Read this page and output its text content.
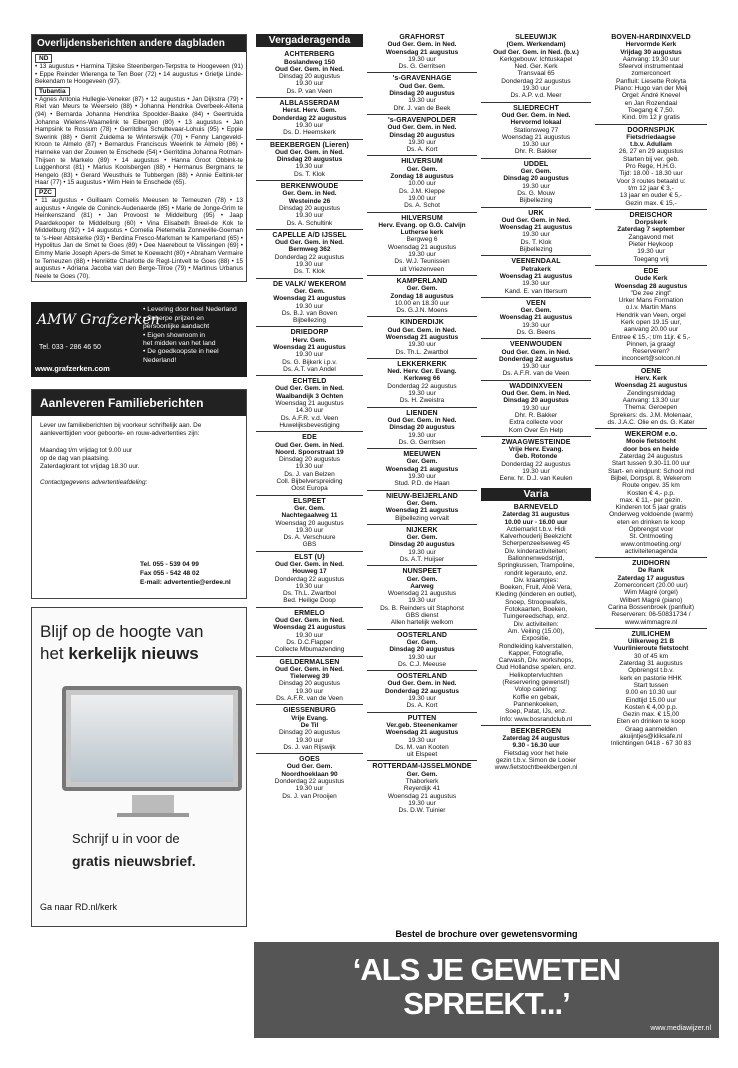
Overlijdensberichten andere dagbladen
ND
• 13 augustus • Harmina Tjitske Steenbergen-Terpstra te Hoogeveen (91) • Eppe Reinder Wierenga te Ten Boer (72) • 14 augustus • Grietje Linde-Bekendam te Hoogeveen (97).
Tubantia
• Agnes Antonia Hullegie-Veneker (87) • 12 augustus • Jan Dijkstra (79) • Riet van Meurs te Weerselo (88) • Johanna Hendrika Overbeek-Altena (94) • Bernarda Johanna Hendrika Spoolder-Baake (84) • Geertruida Johanna Wielens-Waamelink te Eibergen (80) • 13 augustus • Jan Hampsink te Rossum (78) • Gerritdina Schuttevaar-Lohuis (95) • Eppie Swerink (88) • Gerrit Zuidema te Winterswijk (70) • Fenny Langeveld-Kroon te Almelo (87) • Bernardus Franciscus Weerink te Almelo (86) • Hanneke van der Zouwen te Enschede (54) • Gerritdina Johanna Rotman-Thijsen te Markelo (89) • 14 augustus • Hanna Groot Obbink-te Luggenhorst (81) • Marius Koolsbergen (88) • Hermanus Bergmans te Hengelo (83) • Gerard Weusthuis te Tubbergen (88) • Annie Eeltink-ter Haar (77) • 15 augustus • Wim Hein te Enschede (65).
PZC
• 11 augustus • Guillaam Cornelis Meeusen te Terneuzen (78) • 13 augustus • Angele de Coninck-Audenaerde (85) • Marie de Jonge-Grim te Heinkenszand (81) • Jan Provoost te Middelburg (95) • Jaap Paardekooper te Middelburg (60) • Vina Elisabeth Breel-de Kok te Middelburg (92) • 14 augustus • Cornelia Pieternella Zonneville-Goeman te 's-Heer Abtskerke (93) • Berdina Fresco-Markman te Kamperland (65) • Hypolitus Jan de Smet te Goes (89) • Dee Naerebout te Vlissingen (69) • Emmy Marie Joseph Apers-de Smet te Koewacht (80) • Abraham Vermaire te Terneuzen (88) • Henriëtte Charlotte de Regt-Lintvelt te Goes (88) • 15 augustus • Adriana Jacoba van den Berge-Tilroe (79) • Martinus Urbanus Neele te Goes (70).
AMW Grafzerken
Tel. 033 - 286 46 50
www.grafzerken.com
• Levering door heel Nederland
• Scherpe prijzen en
persoonlijke aandacht
• Eigen showroom in
het midden van het land
• De goedkoopste in heel
Nederland!
Aanleveren Familieberichten

Lever uw familieberichten bij voorkeur schriftelijk aan. De aanleverttijden voor geboorte- en rouw-advertenties zijn:

Maandag t/m vrijdag tot 9.00 uur
op de dag van plaatsing.
Zaterdagkrant tot vrijdag 18.30 uur.

Contactgegevens advertentieafdeling:
Tel. 055 - 539 04 99
Fax 055 - 542 48 02
E-mail: advertentie@erdee.nl
Blijf op de hoogte van
het kerkelijk nieuws
Schrijf u in voor de
gratis nieuwsbrief.
Ga naar RD.nl/kerk
Vergaderagenda
ACHTERBERG
Boslandweg 150
Oud Ger. Gem. in Ned.
Dinsdag 20 augustus
19.30 uur
Ds. P. van Veen
ALBLASSERDAM
Herst. Herv. Gem.
Donderdag 22 augustus
19.30 uur
Ds. D. Heemskerk
BEEKBERGEN (Lieren)
Oud Ger. Gem. in Ned.
Dinsdag 20 augustus
19.30 uur
Ds. T. Klok
BERKENWOUDE
Ger. Gem. in Ned.
Westeinde 26
Dinsdag 20 augustus
19.30 uur
Ds. A. Schultink
CAPELLE A/D IJSSEL
Oud Ger. Gem. in Ned.
Bermweg 362
Donderdag 22 augustus
19.30 uur
Ds. T. Klok
DE VALK/ WEKEROM
Ger. Gem.
Woensdag 21 augustus
19.30 uur
Ds. B.J. van Boven
Bijbellezing
DRIEDORP
Herv. Gem.
Woensdag 21 augustus
19.30 uur
Ds. G. Bijkerk i.p.v.
Ds. A.T. van Andel
ECHTELD
Oud Ger. Gem. in Ned.
Waalbandijk 3 Ochten
Woensdag 21 augustus
14.30 uur
Ds. A.F.R. v.d. Veen
Huwelijksbevestiging
EDE
Oud Ger. Gem. in Ned.
Noord. Spoorstraat 19
Dinsdag 20 augustus
19.30 uur
Ds. J. van Belzen
Coll. Bijbelverspreiding
Oost Europa
ELSPEET
Ger. Gem.
Nachtegaalweg 11
Woensdag 20 augustus
19.30 uur
Ds. A. Verschuure
GBS
ELST (U)
Oud Ger. Gem. in Ned.
Houweg 17
Donderdag 22 augustus
19.30 uur
Ds. Th.L. Zwartbol
Bed. Heilige Doop
ERMELO
Oud Ger. Gem. in Ned.
Woensdag 21 augustus
19.30 uur
Ds. D.C.Flapper
Collecte Mbumazending
GELDERMALSEN
Oud Ger. Gem. in Ned.
Tielerweg 39
Dinsdag 20 augustus
19.30 uur
Ds. A.F.R. van de Veen
GIESSENBURG
Vrije Evang.
De Til
Dinsdag 20 augustus
19.30 uur
Ds. J. van Rijswijk
GOES
Oud Ger. Gem.
Noordhoeklaan 90
Donderdag 22 augustus
19.30 uur
Ds. J. van Prooijen
GRAFHORST
Oud Ger. Gem. in Ned.
Woensdag 21 augustus
19.30 uur
Ds. G. Gerritsen
's-GRAVENHAGE
Oud Ger. Gem.
Dinsdag 20 augustus
19.30 uur
Dhr. J. van de Beek
's-GRAVENPOLDER
Oud Ger. Gem. in Ned.
Dinsdag 20 augustus
19.30 uur
Ds. A. Kort
HILVERSUM
Ger. Gem.
Zondag 18 augustus
10.00 uur
Ds. J.M. Kleppe
19.00 uur
Ds. A. Schot
HILVERSUM
Herv. Evang. op G.G. Calvijn
Lutherse kerk
Bergweg 6
Woensdag 21 augustus
19.30 uur
Ds. W.J. Teunissen
uit Vriezenveen
KAMPERLAND
Ger. Gem.
Zondag 18 augustus
10.00 en 18.30 uur
Ds. G.J.N. Moens
KINDERDIJK
Oud Ger. Gem. in Ned.
Woensdag 21 augustus
19.30 uur
Ds. Th.L. Zwartbol
LEKKERKERK
Ned. Herv. Ger. Evang.
Kerkweg 66
Donderdag 22 augustus
19.30 uur
Ds. H. Zweistra
LIENDEN
Oud Ger. Gem. in Ned.
Dinsdag 20 augustus
19.30 uur
Ds. G. Gerritsen
MEEUWEN
Ger. Gem.
Woensdag 21 augustus
19.30 uur
Stud. P.D. de Haan
NIEUW-BEIJERLAND
Ger. Gem.
Woensdag 21 augustus
Bijbellezing vervalt
NIJKERK
Ger. Gem.
Dinsdag 20 augustus
19.30 uur
Ds. A.T. Huijser
NUNSPEET
Ger. Gem.
Aarweg
Woensdag 21 augustus
19.30 uur
Ds. B. Reinders uit Staphorst
GBS dienst
Allen hartelijk welkom
OOSTERLAND
Ger. Gem.
Dinsdag 20 augustus
19.30 uur
Ds. C.J. Meeuse
OOSTERLAND
Oud Ger. Gem. in Ned.
Donderdag 22 augustus
19.30 uur
Ds. A. Kort
PUTTEN
Ver.geb. Steenenkamer
Woensdag 21 augustus
19.30 uur
Ds. M. van Kooten
uit Elspeet
ROTTERDAM-IJSSELMONDE
Ger. Gem.
Thaborkerk
Reyerdijk 41
Woensdag 21 augustus
19.30 uur
Ds. D.W. Tuinier
SLEEUWIJK
(Gem. Werkendam)
Oud Ger. Gem. in Ned. (b.v.)
Kerkgebouw: Ichtuskapel
Ned. Ger. Kerk
Transvaal 65
Donderdag 22 augustus
19.30 uur
Ds. A.P. v.d. Meer
SLIEDRECHT
Oud Ger. Gem. in Ned.
Hervormd lokaal
Stationsweg 77
Woensdag 21 augustus
19.30 uur
Dhr. R. Bakker
UDDEL
Ger. Gem.
Dinsdag 20 augustus
19.30 uur
Ds. G. Mouw
Bijbellezing
URK
Oud Ger. Gem. in Ned.
Woensdag 21 augustus
19.30 uur
Ds. T. Klok
Bijbellezing
VEENENDAAL
Petrakerk
Woensdag 21 augustus
19.30 uur
Kand. E. van Ittersum
VEEN
Ger. Gem.
Woensdag 21 augustus
19.30 uur
Ds. G. Beens
VEENWOUDEN
Oud Ger. Gem. in Ned.
Donderdag 22 augustus
19.30 uur
Ds. A.F.R. van de Veen
WADDINXVEEN
Oud Ger. Gem. in Ned.
Dinsdag 20 augustus
19.30 uur
Dhr. R. Bakker
Extra collecte voor
Kom Over En Help
ZWAAGWESTEINDE
Vrije Herv. Evang.
Geb. Rotonde
Donderdag 22 augustus
19.30 uur
Eerw. hr. D.J. van Keulen
Varia
BARNEVELD
Zaterdag 31 augustus
10.00 uur - 16.00 uur
Actiemarkt t.b.v. Hidi
Kalverhouderij Beekzicht
Scherpenzeelseweg 45
Div. kinderactiviteiten;
Ballonnenwedstrijd,
Springkussen, Trampoline,
rondrit legerauto, enz.
Div. kraampjes:
Boeken, Fruit, Aloë Vera,
Kleding (kinderen en outlet),
Snoep, Stroopwafels,
Fotokaarten, Boeken,
Tuingereedschap, enz.
Div. activiteiten:
Am. Veiling (15.00),
Expositie,
Rondleiding kalverstallen,
Kapper, Fotografie,
Carwash, Div. workshops,
Oud Hollandse spelen, enz.
Helikoptervluchten
(Reservering gewenst!)
Volop catering:
Koffie en gebak,
Pannenkoeken,
Soep, Patat, IJs, enz.
Info: www.bosrandclub.nl
BEEKBERGEN
Zaterdag 24 augustus
9.30 - 16.30 uur
Fietsdag voor het hele
gezin t.b.v. Simon de Looier
www.fietstochtbeekbergen.nl
BOVEN-HARDINXVELD
Hervormde Kerk
Vrijdag 30 augustus
Aanvang: 19.30 uur
Sfeervol instrumentaal
zomerconcert
Panfluit: Liesette Rokyta
Piano: Hugo van der Meij
Orgel: André Knevel
en Jan Rozendaal
Toegang € 7,50.
Kind. t/m 12 jr gratis
DOORNSPIJK
Fietsdriedaagse
t.b.v. Adullam
26, 27 en 29 augustus
Starten bij ver. geb.
Pro Rege, H.H.G.
Tijd: 18.00 - 18.30 uur
Voor 3 routes betaald u:
t/m 12 jaar € 3,-
13 jaar en ouder € 5,-
Gezin max. € 15,-
DREISCHOR
Dorpskerk
Zaterdag 7 september
Zangavond met
Pieter Heykoop
19.30 uur
Toegang vrij
EDE
Oude Kerk
Woensdag 28 augustus
"De zee zingt"
Urker Mans Formation
o.l.v. Martin Mans
Hendrik van Veen, orgel
Kerk open 19.15 uur,
aanvang 20.00 uur
Entree € 15,-; t/m 11jr. € 5,-
Pinnen, ja graag!
Reserveren?
inconcert@solcon.nl
OENE
Herv. Kerk
Woensdag 21 augustus
Zendingsmiddag
Aanvang: 13.30 uur
Thema: Geroepen
Sprekers: ds. J.M. Molenaar,
ds. J.A.C. Olie en ds. G. Kater
WEKEROM e.o.
Mooie fietstocht
door bos en heide
Zaterdag 24 augustus
Start tussen 9.30-11.00 uur
Start- en eindpunt: School md
Bijbel, Dorpspl. 8, Wekerom
Route ongev. 35 km
Kosten € 4,- p.p.
max. € 11,- per gezin.
Kinderen tot 5 jaar gratis
Onderweg voldoende (warm)
eten en drinken te koop
Opbrengst voor
St. Ontmoeting
www.ontmoeting.org/
activiteitenagenda
ZUIDHORN
De Rank
Zaterdag 17 augustus
Zomerconcert (20.00 uur)
Wim Magré (orgel)
Wilbert Magré (piano)
Carina Bossenbroek (panfluit)
Reserveren: 06-50831734 /
www.wimmagre.nl
ZUILICHEM
Uilkerweg 21 B
Vuurlinieroute fietstocht
30 of 45 km
Zaterdag 31 augustus
Opbrengst t.b.v.
kerk en pastorie HHK
Start tussen
9.00 en 10.30 uur
Eindtijd 15.00 uur
Kosten € 4,00 p.p.
Gezin max. € 15,00
Eten en drinken te koop
Graag aanmelden
akuijntjes@kliksafe.nl
Inlichtingen 0418 - 67 30 83
Bestel de brochure over gewetensvorming
‘ALS JE GEWETEN
SPREEKT...’
www.mediawijzer.nl
